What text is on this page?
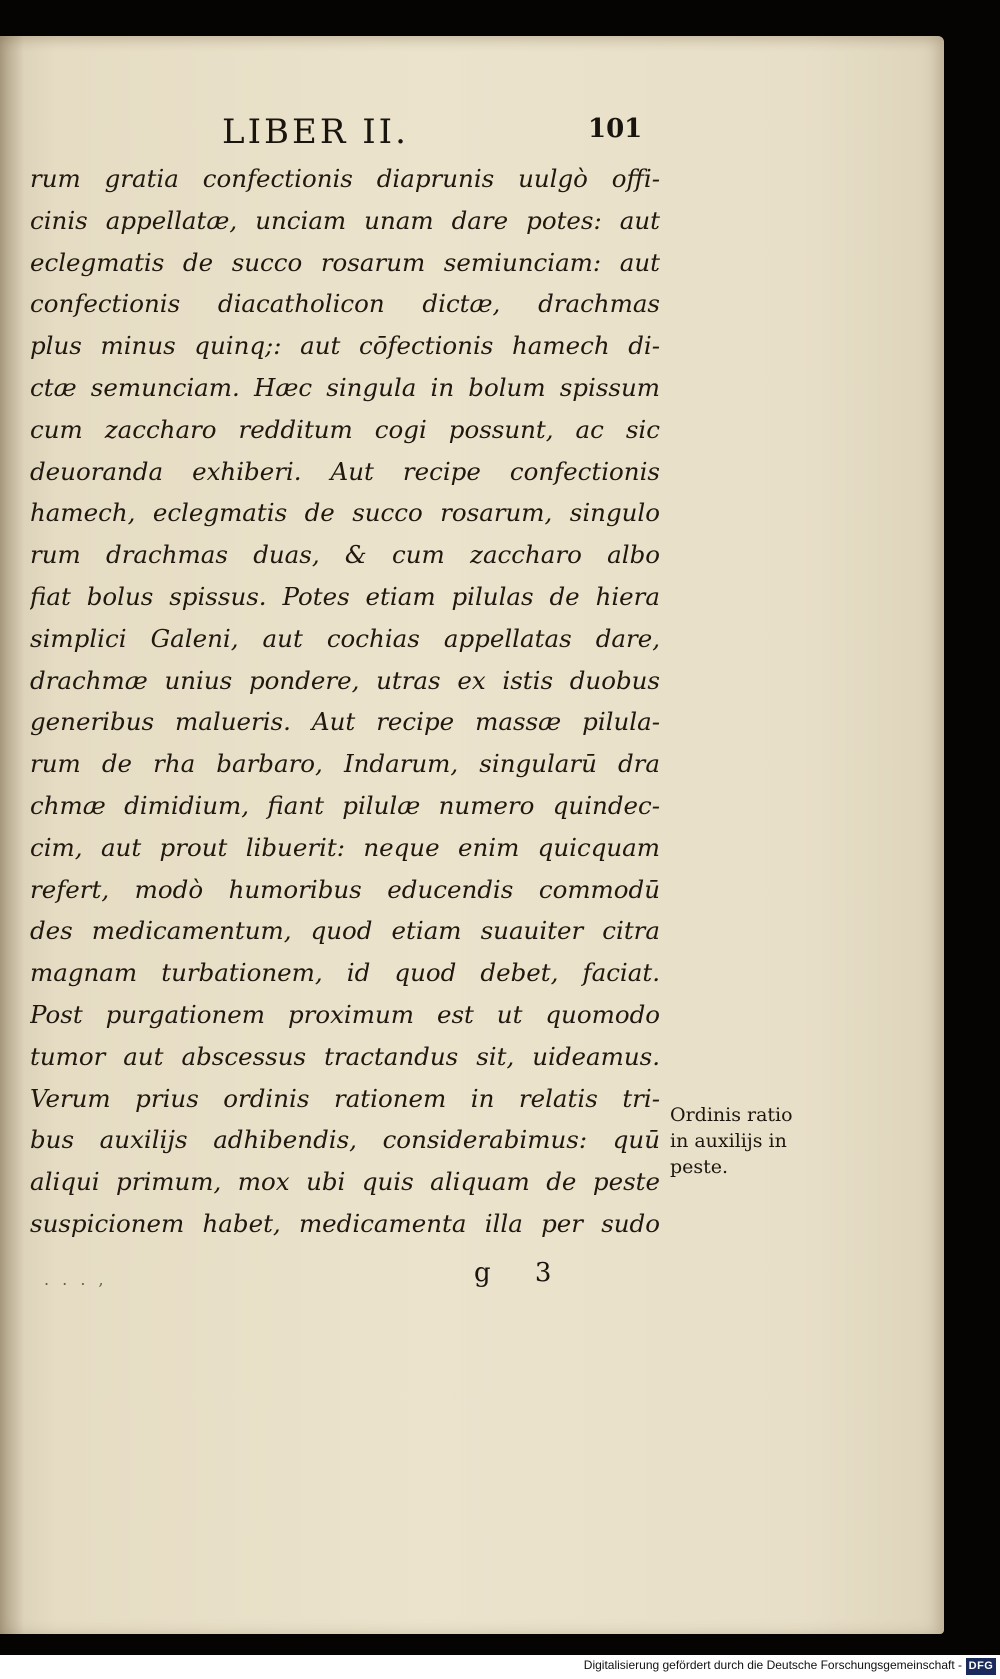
LIBER II.	101
rum gratia confectionis diaprunis uulgò offi-
cinis appellatæ, unciam unam dare potes: aut
eclegmatis de succo rosarum semiunciam: aut
confectionis diacatholicon dictæ, drachmas
plus minus quinq;: aut cōfectionis hamech di-
ctæ semunciam. Hæc singula in bolum spissum
cum zaccharo redditum cogi possunt, ac sic
deuoranda exhiberi. Aut recipe confectionis
hamech, eclegmatis de succo rosarum, singulo
rum drachmas duas, & cum zaccharo albo
fiat bolus spissus. Potes etiam pilulas de hiera
simplici Galeni, aut cochias appellatas dare,
drachmæ unius pondere, utras ex istis duobus
generibus malueris. Aut recipe massæ pilula-
rum de rha barbaro, Indarum, singularū dra
chmæ dimidium, fiant pilulæ numero quindec-
cim, aut prout libuerit: neque enim quicquam
refert, modò humoribus educendis commodū
des medicamentum, quod etiam suauiter citra
magnam turbationem, id quod debet, faciat.
Post purgationem proximum est ut quomodo
tumor aut abscessus tractandus sit, uideamus.
Verum prius ordinis rationem in relatis tri-
bus auxilijs adhibendis, considerabimus: quū
aliqui primum, mox ubi quis aliquam de peste
suspicionem habet, medicamenta illa per sudo
Ordinis ratio
in auxilijs in
peste.
. . . ,	g 3
Digitalisierung gefördert durch die Deutsche Forschungsgemeinschaft - DFG
